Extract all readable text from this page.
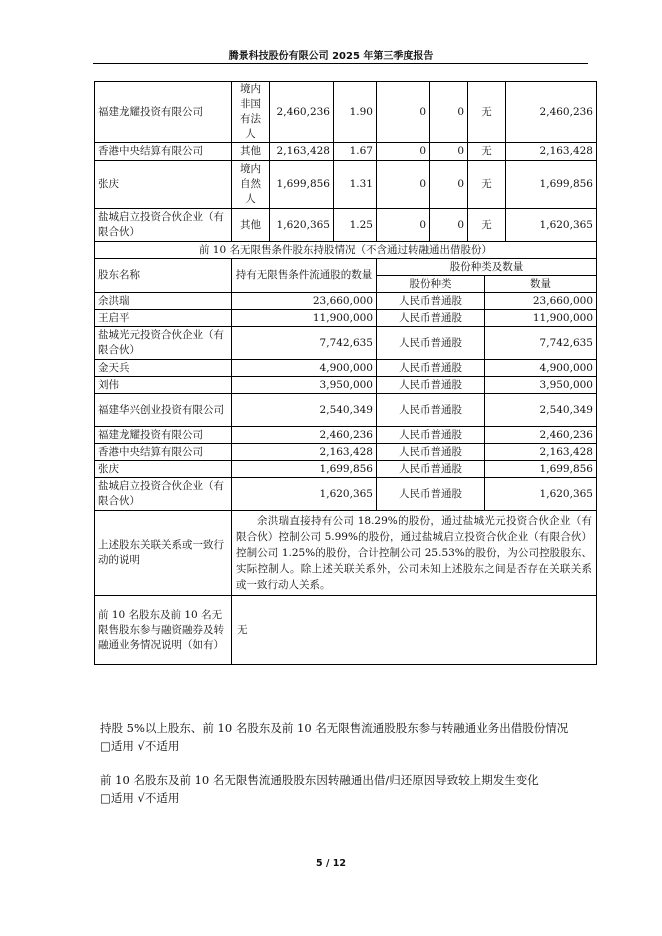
腾景科技股份有限公司 2025 年第三季度报告
福建龙耀投资有限公司	境内非国有法人	2,460,236	1.90	0	0	无		2,460,236
香港中央结算有限公司	其他	2,163,428	1.67	0	0	无		2,163,428
张庆	境内自然人	1,699,856	1.31	0	0	无		1,699,856
盐城启立投资合伙企业（有限合伙）	其他	1,620,365	1.25	0	0	无		1,620,365
前 10 名无限售条件股东持股情况（不含通过转融通出借股份）								
股东名称	持有无限售条件流通股的数量			股份种类及数量				
				股份种类			数量	
余洪瑞	23,660,000			人民币普通股			23,660,000	
王启平	11,900,000			人民币普通股			11,900,000	
盐城光元投资合伙企业（有限合伙）	7,742,635			人民币普通股			7,742,635	
金天兵	4,900,000			人民币普通股			4,900,000	
刘伟	3,950,000			人民币普通股			3,950,000	
福建华兴创业投资有限公司	2,540,349			人民币普通股			2,540,349	
福建龙耀投资有限公司	2,460,236			人民币普通股			2,460,236	
香港中央结算有限公司	2,163,428			人民币普通股			2,163,428	
张庆	1,699,856			人民币普通股			1,699,856	
盐城启立投资合伙企业（有限合伙）	1,620,365			人民币普通股			1,620,365	
上述股东关联关系或一致行动的说明	余洪瑞直接持有公司 18.29%的股份，通过盐城光元投资合伙企业（有限合伙）控制公司 5.99%的股份，通过盐城启立投资合伙企业（有限合伙）控制公司 1.25%的股份，合计控制公司 25.53%的股份，为公司控股股东、实际控制人。除上述关联关系外，公司未知上述股东之间是否存在关联关系或一致行动人关系。							
前 10 名股东及前 10 名无限售股东参与融资融券及转融通业务情况说明（如有）	无							
持股 5%以上股东、前 10 名股东及前 10 名无限售流通股股东参与转融通业务出借股份情况
□适用 √不适用
前 10 名股东及前 10 名无限售流通股股东因转融通出借/归还原因导致较上期发生变化
□适用 √不适用
5 / 12
